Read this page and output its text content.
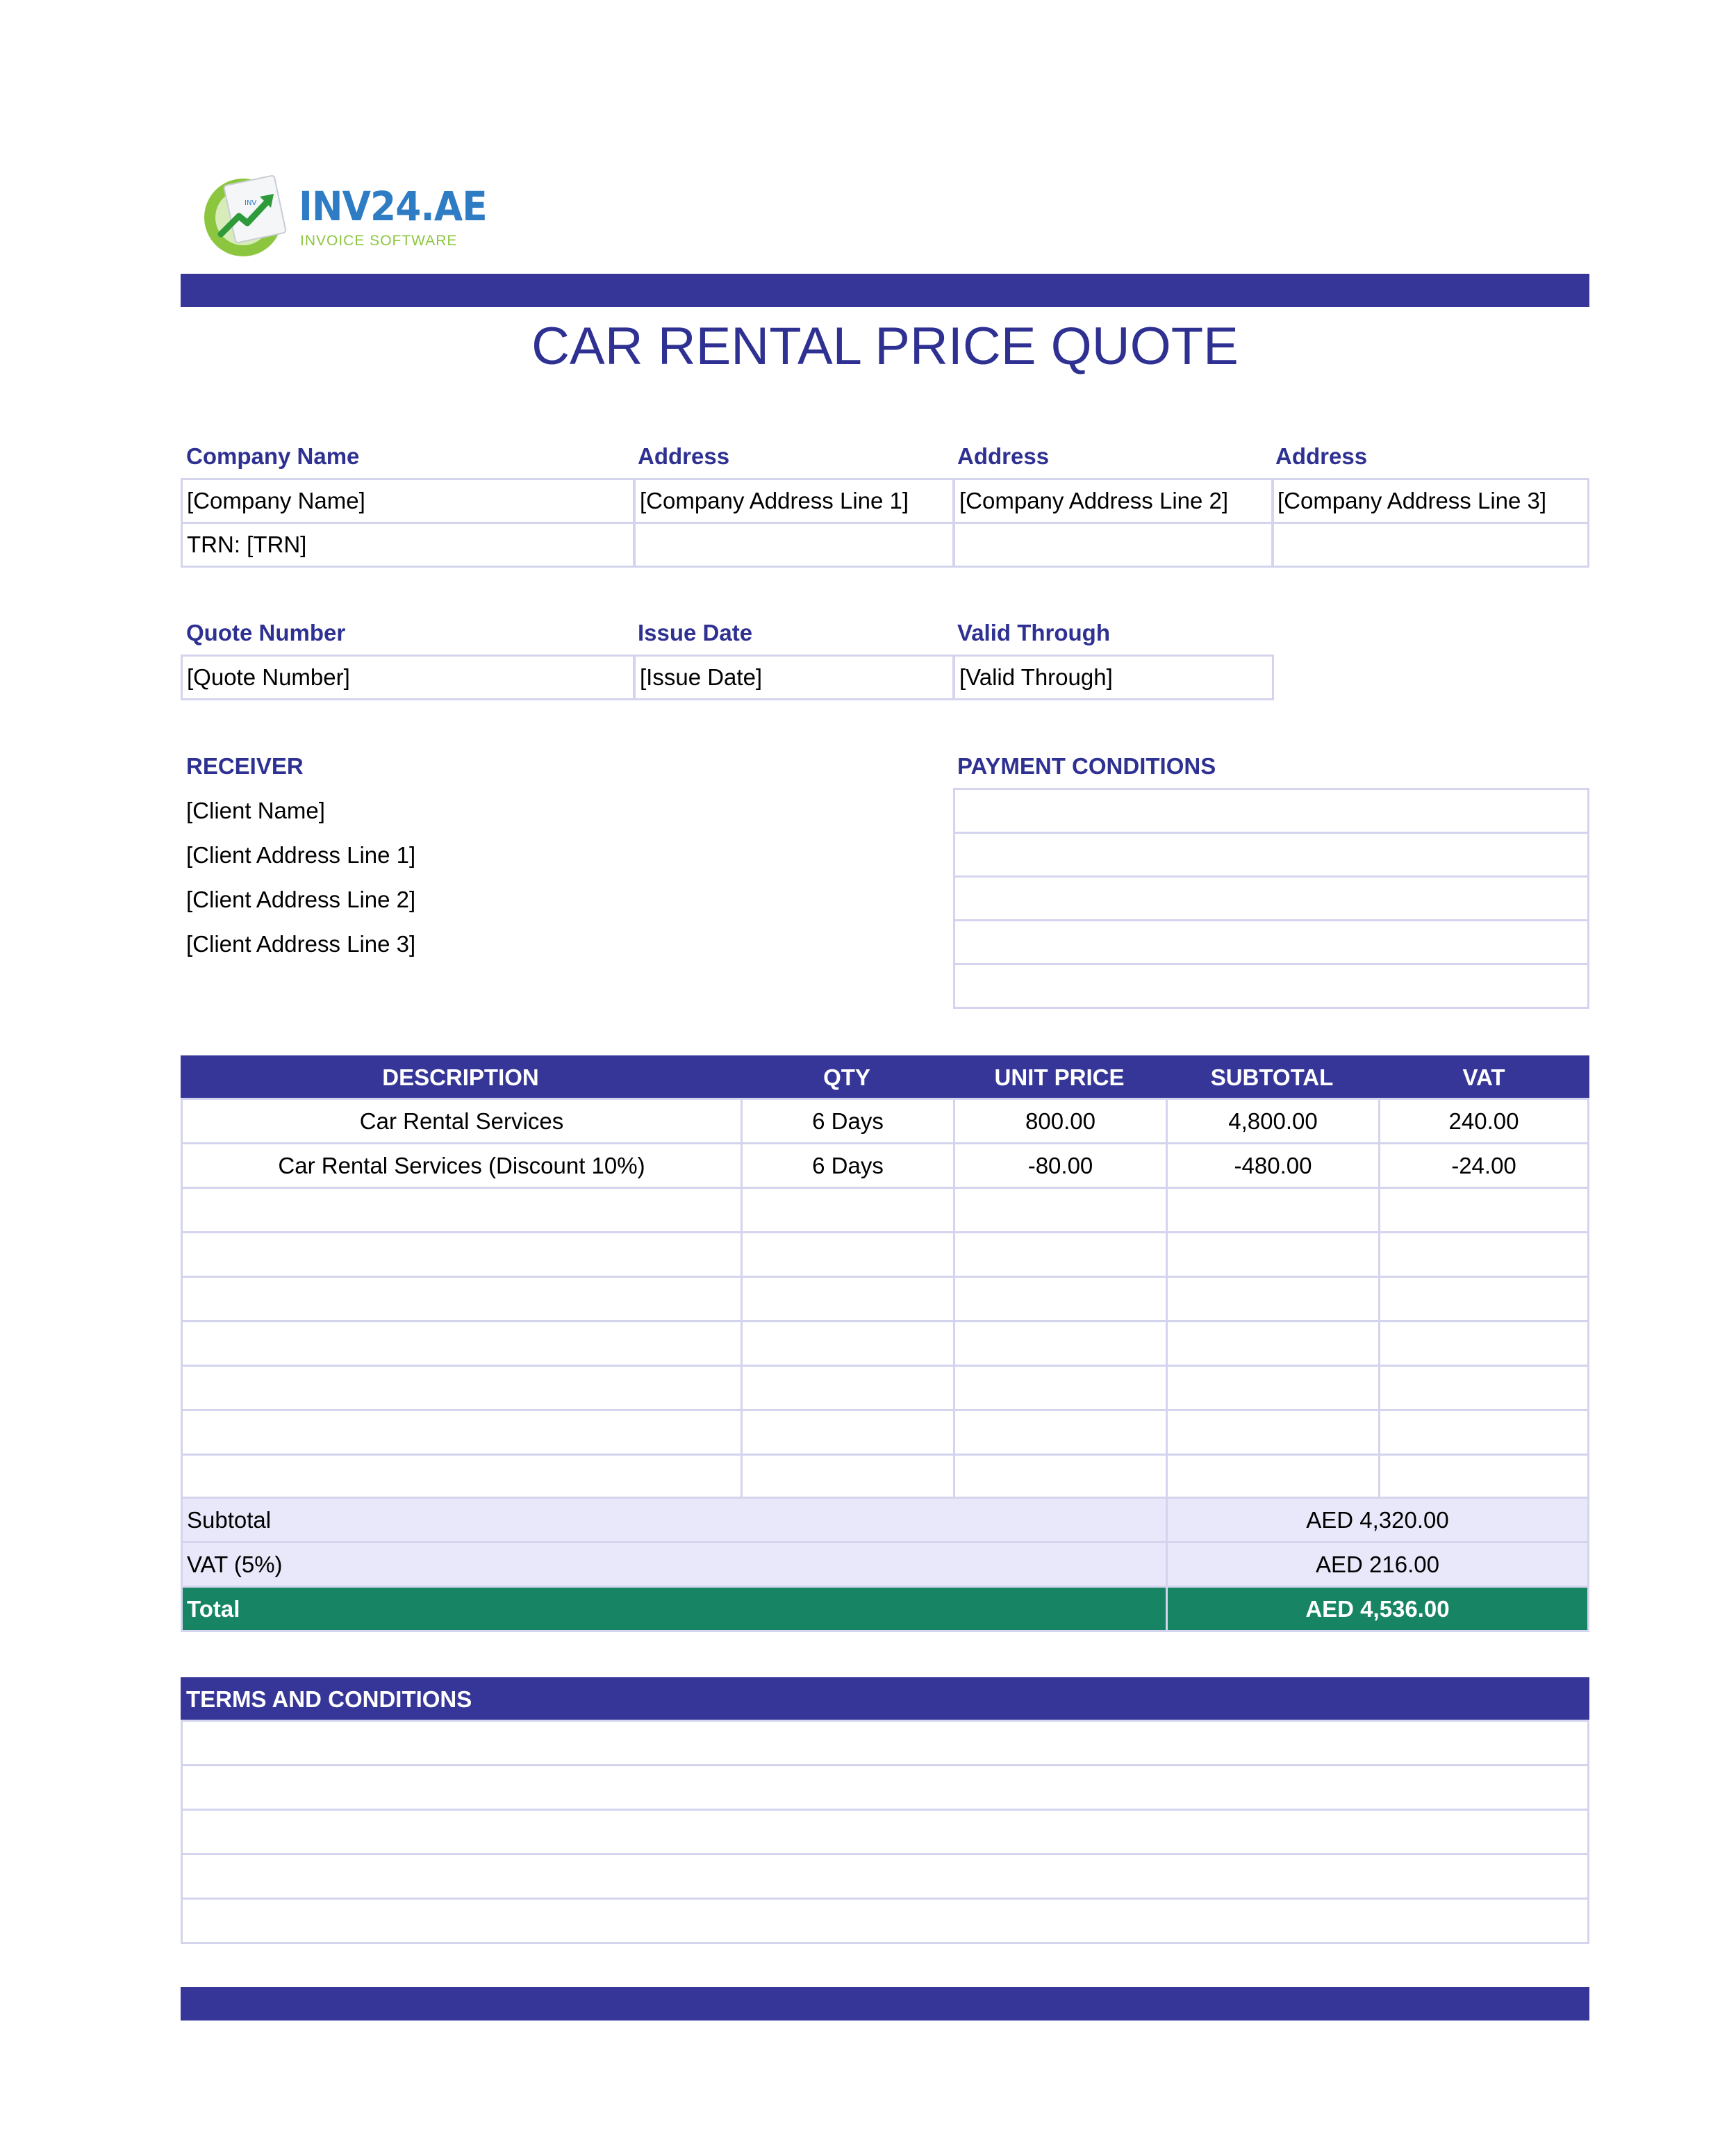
INV INV24.AE
INVOICE SOFTWARE
CAR RENTAL PRICE QUOTE
Company Name	Address	Address	Address
[Company Name]	[Company Address Line 1]	[Company Address Line 2]	[Company Address Line 3]
TRN: [TRN]
Quote Number	Issue Date	Valid Through
[Quote Number]	[Issue Date]	[Valid Through]
RECEIVER
[Client Name]
[Client Address Line 1]
[Client Address Line 2]
[Client Address Line 3]
PAYMENT CONDITIONS
DESCRIPTION	QTY	UNIT PRICE	SUBTOTAL	VAT
Car Rental Services	6 Days	800.00	4,800.00	240.00
Car Rental Services (Discount 10%)	6 Days	-80.00	-480.00	-24.00
Subtotal	AED 4,320.00
VAT (5%)	AED 216.00
Total	AED 4,536.00
TERMS AND CONDITIONS
